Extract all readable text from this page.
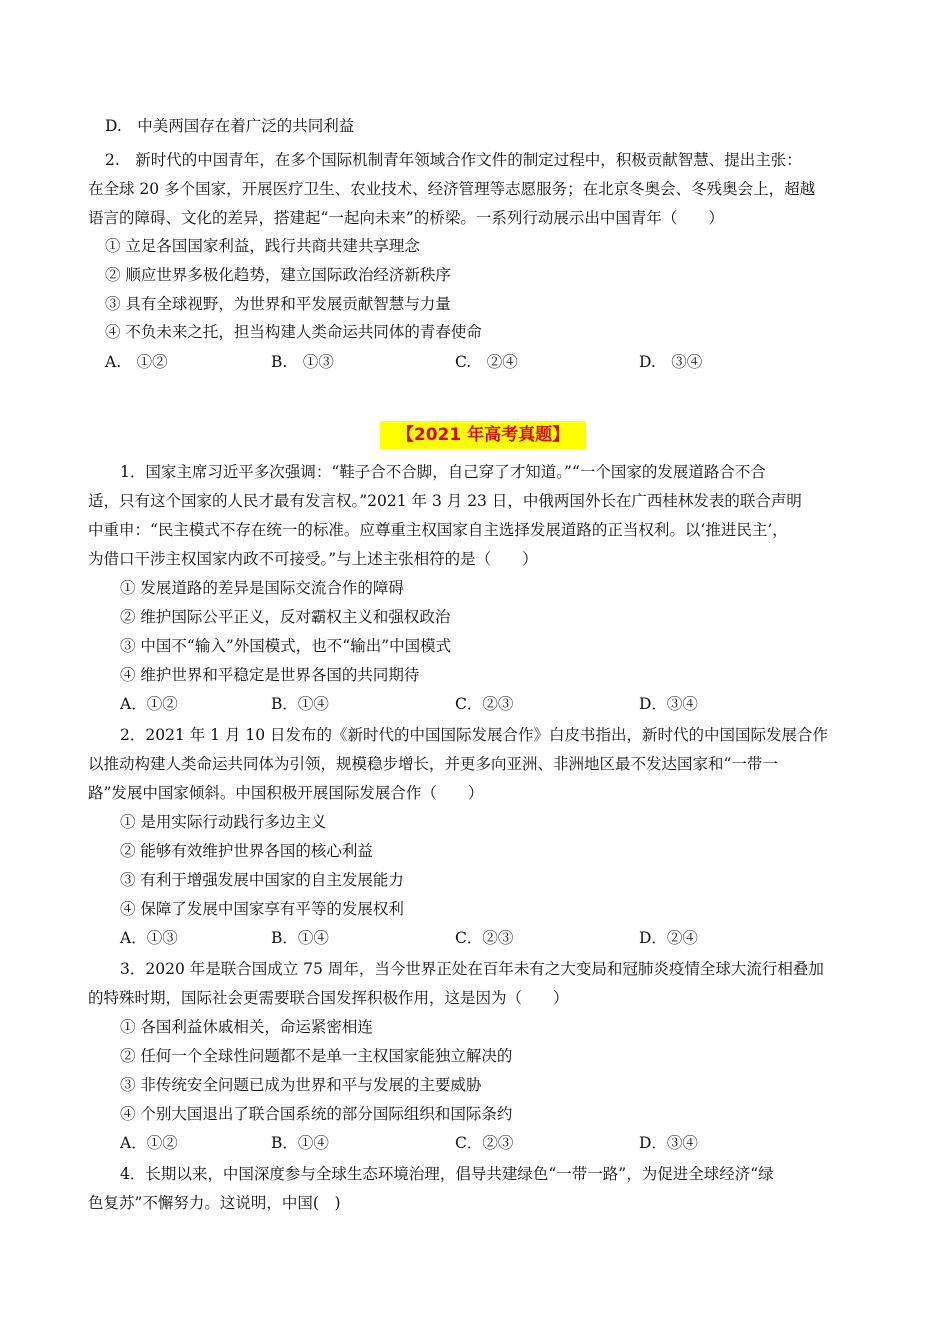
D.　中美两国存在着广泛的共同利益
2.　新时代的中国青年，在多个国际机制青年领域合作文件的制定过程中，积极贡献智慧、提出主张：
在全球 20 多个国家，开展医疗卫生、农业技术、经济管理等志愿服务；在北京冬奥会、冬残奥会上，超越
语言的障碍、文化的差异，搭建起“一起向未来”的桥梁。一系列行动展示出中国青年（　　）
① 立足各国国家利益，践行共商共建共享理念
② 顺应世界多极化趋势，建立国际政治经济新秩序
③ 具有全球视野，为世界和平发展贡献智慧与力量
④ 不负未来之托，担当构建人类命运共同体的青春使命
A.　①②	B.　①③	C.　②④	D.　③④
【2021 年高考真题】
1．国家主席习近平多次强调：“鞋子合不合脚，自己穿了才知道。”“一个国家的发展道路合不合
适，只有这个国家的人民才最有发言权。”2021 年 3 月 23 日，中俄两国外长在广西桂林发表的联合声明
中重申：“民主模式不存在统一的标准。应尊重主权国家自主选择发展道路的正当权利。以‘推进民主’，
为借口干涉主权国家内政不可接受。”与上述主张相符的是（　　）
① 发展道路的差异是国际交流合作的障碍
② 维护国际公平正义，反对霸权主义和强权政治
③ 中国不“输入”外国模式，也不“输出”中国模式
④ 维护世界和平稳定是世界各国的共同期待
A．①②	B．①④	C．②③	D．③④
2．2021 年 1 月 10 日发布的《新时代的中国国际发展合作》白皮书指出，新时代的中国国际发展合作
以推动构建人类命运共同体为引领，规模稳步增长，并更多向亚洲、非洲地区最不发达国家和“一带一
路”发展中国家倾斜。中国积极开展国际发展合作（　　）
① 是用实际行动践行多边主义
② 能够有效维护世界各国的核心利益
③ 有利于增强发展中国家的自主发展能力
④ 保障了发展中国家享有平等的发展权利
A．①③	B．①④	C．②③	D．②④
3．2020 年是联合国成立 75 周年，当今世界正处在百年未有之大变局和冠肺炎疫情全球大流行相叠加
的特殊时期，国际社会更需要联合国发挥积极作用，这是因为（　　）
① 各国利益休戚相关，命运紧密相连
② 任何一个全球性问题都不是单一主权国家能独立解决的
③ 非传统安全问题已成为世界和平与发展的主要威胁
④ 个别大国退出了联合国系统的部分国际组织和国际条约
A．①②	B．①④	C．②③	D．③④
4．长期以来，中国深度参与全球生态环境治理，倡导共建绿色“一带一路”，为促进全球经济“绿
色复苏”不懈努力。这说明，中国(　)
